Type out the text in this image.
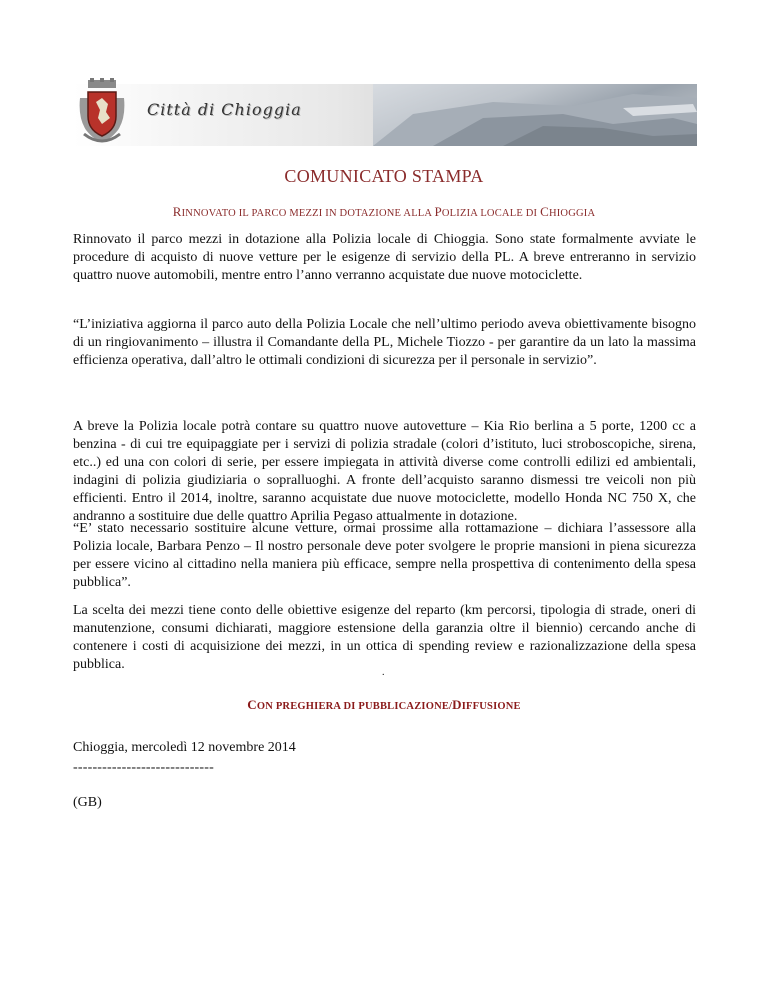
Città di Chioggia
COMUNICATO STAMPA
RINNOVATO IL PARCO MEZZI IN DOTAZIONE ALLA POLIZIA LOCALE DI CHIOGGIA

Rinnovato il parco mezzi in dotazione alla Polizia locale di Chioggia. Sono state formalmente avviate le procedure di acquisto di nuove vetture per le esigenze di servizio della PL. A breve entreranno in servizio quattro nuove automobili, mentre entro l’anno verranno acquistate due nuove motociclette.

“L’iniziativa aggiorna il parco auto della Polizia Locale che nell’ultimo periodo aveva obiettivamente bisogno di un ringiovanimento – illustra il Comandante della PL, Michele Tiozzo - per garantire da un lato la massima efficienza operativa, dall’altro le ottimali condizioni di sicurezza per il personale in servizio”.

A breve la Polizia locale potrà contare su quattro nuove autovetture – Kia Rio berlina a 5 porte, 1200 cc a benzina - di cui tre equipaggiate per i servizi di polizia stradale (colori d’istituto, luci stroboscopiche, sirena, etc..) ed una con colori di serie, per essere impiegata in attività diverse come controlli edilizi ed ambientali, indagini di polizia giudiziaria o sopralluoghi. A fronte dell’acquisto saranno dismessi tre veicoli non più efficienti. Entro il 2014, inoltre, saranno acquistate due nuove motociclette, modello Honda NC 750 X, che andranno a sostituire due delle quattro Aprilia Pegaso attualmente in dotazione.

“E’ stato necessario sostituire alcune vetture, ormai prossime alla rottamazione – dichiara l’assessore alla Polizia locale, Barbara Penzo – Il nostro personale deve poter svolgere le proprie mansioni in piena sicurezza per essere vicino al cittadino nella maniera più efficace, sempre nella prospettiva di contenimento della spesa pubblica”.

La scelta dei mezzi tiene conto delle obiettive esigenze del reparto (km percorsi, tipologia di strade, oneri di manutenzione, consumi dichiarati, maggiore estensione della garanzia oltre il biennio) cercando anche di contenere i costi di acquisizione dei mezzi, in un ottica di spending review e razionalizzazione della spesa pubblica.

.
CON PREGHIERA DI PUBBLICAZIONE/DIFFUSIONE
Chioggia, mercoledì 12 novembre 2014
-----------------------------
(GB)
